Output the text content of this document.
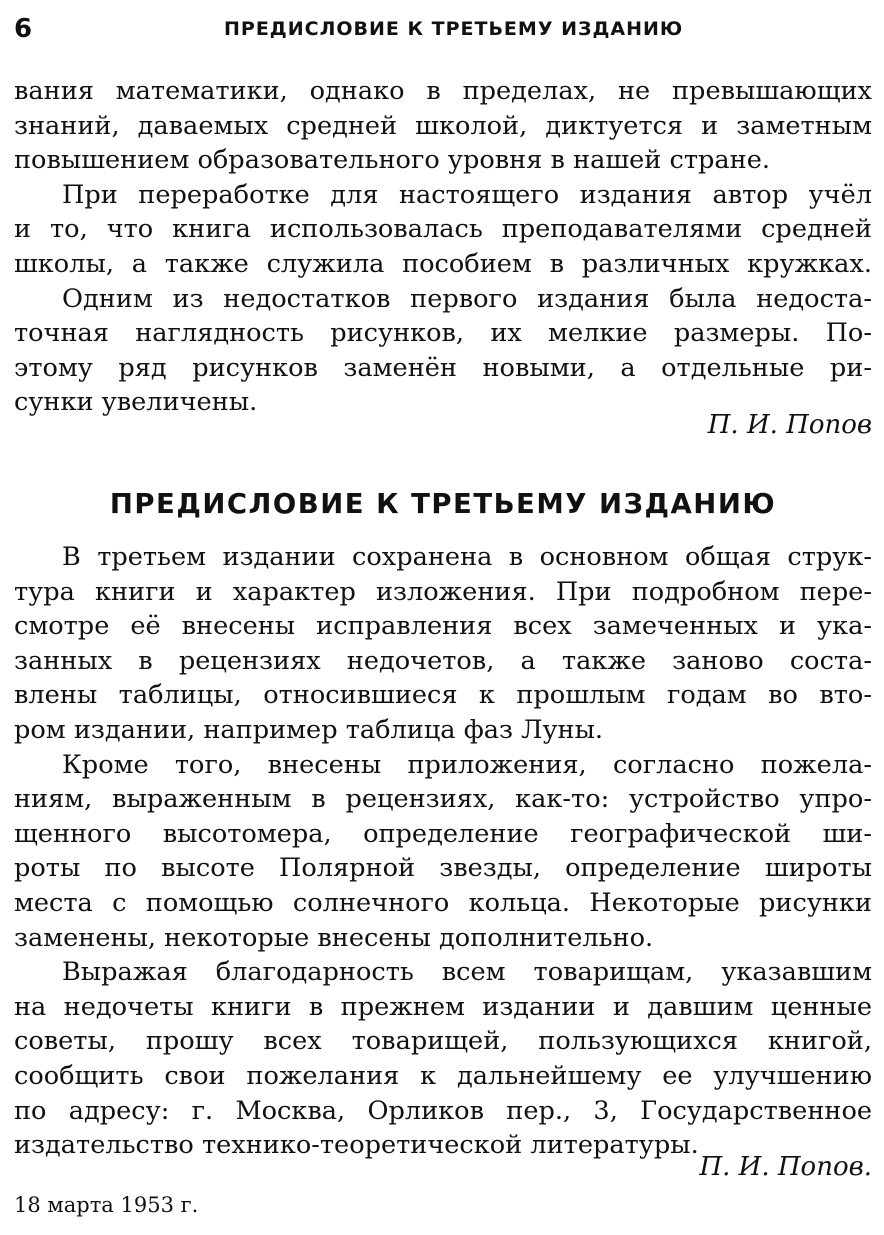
6	ПРЕДИСЛОВИЕ К ТРЕТЬЕМУ ИЗДАНИЮ
вания математики, однако в пределах, не превышающих
знаний, даваемых средней школой, диктуется и заметным
повышением образовательного уровня в нашей стране.
При переработке для настоящего издания автор учёл
и то, что книга использовалась преподавателями средней
школы, а также служила пособием в различных кружках.
Одним из недостатков первого издания была недоста-
точная наглядность рисунков, их мелкие размеры. По-
этому ряд рисунков заменён новыми, а отдельные ри-
сунки увеличены.
П. И. Попов
ПРЕДИСЛОВИЕ К ТРЕТЬЕМУ ИЗДАНИЮ
В третьем издании сохранена в основном общая струк-
тура книги и характер изложения. При подробном пере-
смотре её внесены исправления всех замеченных и ука-
занных в рецензиях недочетов, а также заново соста-
влены таблицы, относившиеся к прошлым годам во вто-
ром издании, например таблица фаз Луны.
Кроме того, внесены приложения, согласно пожела-
ниям, выраженным в рецензиях, как-то: устройство упро-
щенного высотомера, определение географической ши-
роты по высоте Полярной звезды, определение широты
места с помощью солнечного кольца. Некоторые рисунки
заменены, некоторые внесены дополнительно.
Выражая благодарность всем товарищам, указавшим
на недочеты книги в прежнем издании и давшим ценные
советы, прошу всех товарищей, пользующихся книгой,
сообщить свои пожелания к дальнейшему ее улучшению
по адресу: г. Москва, Орликов пер., 3, Государственное
издательство технико-теоретической литературы.
П. И. Попов.
18 марта 1953 г.
